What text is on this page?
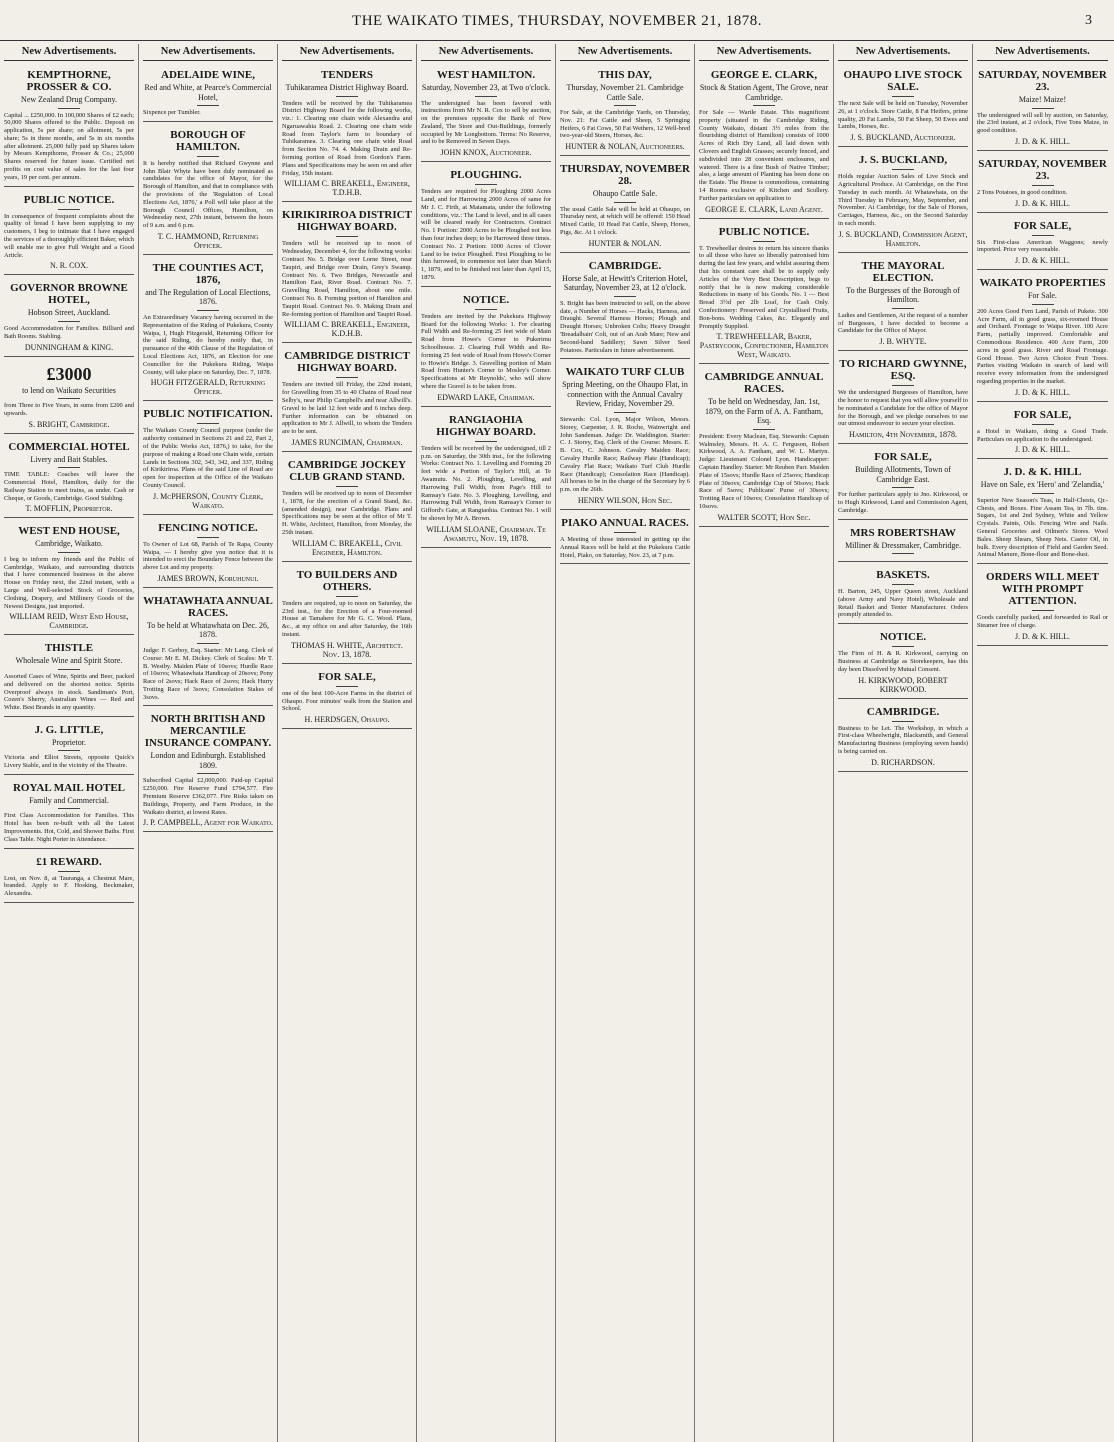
THE WAIKATO TIMES, THURSDAY, NOVEMBER 21, 1878.	3
New Advertisements.
KEMPTHORNE, PROSSER & CO.
New Zealand Drug Company.
Capital ... £250,000. In 100,000 Shares of £2 each; 50,000 Shares offered to the Public. Deposit on application, 5s per share; on allotment, 5s per share; 5s in three months, and 5s in six months after allotment. 25,000 fully paid up Shares taken by Messrs Kempthorne, Prosser & Co.; 25,000 Shares reserved for future issue. Certified net profits on cost value of sales for the last four years, 19 per cent. per annum.
PUBLIC NOTICE.
In consequence of frequent complaints about the quality of bread I have been supplying to my customers, I beg to intimate that I have engaged the services of a thoroughly efficient Baker, which will enable me to give Full Weight and a Good Article.
N. R. COX.
GOVERNOR BROWNE HOTEL,
Hobson Street, Auckland.
Good Accommodation for Families. Billiard and Bath Rooms. Stabling.
DUNNINGHAM & KING.
£3000
to lend on Waikato Securities
from Three to Five Years, in sums from £200 and upwards.
S. BRIGHT, Cambridge.
COMMERCIAL HOTEL
Livery and Bait Stables.
TIME TABLE: Coaches will leave the Commercial Hotel, Hamilton, daily for the Railway Station to meet trains, as under. Cash or Cheque, or Goods, Cambridge. Good Stabling.
T. MOFFLIN, Proprietor.
WEST END HOUSE,
Cambridge, Waikato.
I beg to inform my friends and the Public of Cambridge, Waikato, and surrounding districts that I have commenced business in the above House on Friday next, the 22nd instant, with a Large and Well-selected Stock of Groceries, Clothing, Drapery, and Millinery Goods of the Newest Designs, just imported.
WILLIAM REID, West End House, Cambridge.
THISTLE
Wholesale Wine and Spirit Store.
Assorted Cases of Wine, Spirits and Beer, packed and delivered on the shortest notice. Spirits Overproof always in stock. Sandiman's Port, Cozen's Sherry, Australian Wines — Red and White. Best Brands in any quantity.
J. G. LITTLE,
Proprietor.
Victoria and Elliot Streets, opposite Quick's Livery Stable, and in the vicinity of the Theatre.
ROYAL MAIL HOTEL
Family and Commercial.
First Class Accommodation for Families. This Hotel has been re-built with all the Latest Improvements. Hot, Cold, and Shower Baths. First Class Table. Night Porter in Attendance.
£1 REWARD.
Lost, on Nov. 8, at Tauranga, a Chestnut Mare, branded. Apply to F. Hosking, Beckmaker, Alexandra.
New Advertisements.
ADELAIDE WINE,
Red and White, at Pearce's Commercial Hotel,
Sixpence per Tumbler.
BOROUGH OF HAMILTON.
It is hereby notified that Richard Gwynne and John Blair Whyte have been duly nominated as candidates for the office of Mayor, for the Borough of Hamilton, and that in compliance with the provisions of the 'Regulation of Local Elections Act, 1876,' a Poll will take place at the Borough Council Offices, Hamilton, on Wednesday next, 27th instant, between the hours of 9 a.m. and 6 p.m.
T. C. HAMMOND, Returning Officer.
THE COUNTIES ACT, 1876,
and The Regulation of Local Elections, 1876.
An Extraordinary Vacancy having occurred in the Representation of the Riding of Pukekura, County Waipa, I, Hugh Fitzgerald, Returning Officer for the said Riding, do hereby notify that, in pursuance of the 40th Clause of the Regulation of Local Elections Act, 1876, an Election for one Councillor for the Pukekura Riding, Waipa County, will take place on Saturday, Dec. 7, 1878.
HUGH FITZGERALD, Returning Officer.
PUBLIC NOTIFICATION.
The Waikato County Council purpose (under the authority contained in Sections 21 and 22, Part 2, of the Public Works Act, 1876,) to take, for the purpose of making a Road one Chain wide, certain Lands in Sections 302, 343, 342, and 337, Riding of Kirikiriroa. Plans of the said Line of Road are open for inspection at the Office of the Waikato County Council.
J. McPHERSON, County Clerk, Waikato.
FENCING NOTICE.
To Owner of Lot 68, Parish of Te Rapa, County Waipa, — I hereby give you notice that it is intended to erect the Boundary Fence between the above Lot and my property.
JAMES BROWN, Koruhunui.
WHATAWHATA ANNUAL RACES.
To be held at Whatawhata on Dec. 26, 1878.
Judge: F. Gerboy, Esq. Starter: Mr Lang. Clerk of Course: Mr E. M. Dickey. Clerk of Scales: Mr T. B. Westby. Maiden Plate of 10sovs; Hurdle Race of 10sovs; Whatawhata Handicap of 20sovs; Pony Race of 2sovs; Hack Race of 2sovs; Hack Hurry Trotting Race of 3sovs; Consolation Stakes of 3sovs.
NORTH BRITISH AND MERCANTILE INSURANCE COMPANY.
London and Edinburgh. Established 1809.
Subscribed Capital £2,000,000. Paid-up Capital £250,000. Fire Reserve Fund £794,577. Fire Premium Reserve £362,077. Fire Risks taken on Buildings, Property, and Farm Produce, in the Waikato district, at lowest Rates.
J. P. CAMPBELL, Agent for Waikato.
New Advertisements.
TENDERS
Tuhikaramea District Highway Board.
Tenders will be received by the Tuhikaramea District Highway Board for the following works, viz.: 1. Clearing one chain wide Alexandra and Ngaruawahia Road. 2. Clearing one chain wide Road from Taylor's farm to boundary of Tuhikaramea. 3. Clearing one chain wide Road from Section No. 74. 4. Making Drain and Re-forming portion of Road from Gordon's Farm. Plans and Specifications may be seen on and after Friday, 15th instant.
WILLIAM C. BREAKELL, Engineer, T.D.H.B.
KIRIKIRIROA DISTRICT HIGHWAY BOARD.
Tenders will be received up to noon of Wednesday, December 4, for the following works: Contract No. 5. Bridge over Lorne Street, near Taupiri, and Bridge over Drain, Grey's Swamp. Contract No. 6. Two Bridges, Newcastle and Hamilton East, River Road. Contract No. 7. Gravelling Road, Hamilton, about one mile. Contract No. 8. Forming portion of Hamilton and Taupiri Road. Contract No. 9. Making Drain and Re-forming portion of Hamilton and Taupiri Road.
WILLIAM C. BREAKELL, Engineer, K.D.H.B.
CAMBRIDGE DISTRICT HIGHWAY BOARD.
Tenders are invited till Friday, the 22nd instant, for Gravelling from 35 to 40 Chains of Road near Selby's, near Philip Campbell's and near Allwill's. Gravel to be laid 12 feet wide and 6 inches deep. Further information can be obtained on application to Mr J. Allwill, to whom the Tenders are to be sent.
JAMES RUNCIMAN, Chairman.
CAMBRIDGE JOCKEY CLUB GRAND STAND.
Tenders will be received up to noon of December 1, 1878, for the erection of a Grand Stand, &c. (amended design), near Cambridge. Plans and Specifications may be seen at the office of Mr T. H. White, Architect, Hamilton, from Monday, the 25th instant.
WILLIAM C. BREAKELL, Civil Engineer, Hamilton.
TO BUILDERS AND OTHERS.
Tenders are required, up to noon on Saturday, the 23rd inst., for the Erection of a Four-roomed House at Tamahere for Mr G. C. Wood. Plans, &c., at my office on and after Saturday, the 16th instant.
THOMAS H. WHITE, Architect. Nov. 13, 1878.
FOR SALE,
one of the best 100-Acre Farms in the district of Ohaupo. Four minutes' walk from the Station and School.
H. HERDSGEN, Ohaupo.
New Advertisements.
WEST HAMILTON.
Saturday, November 23, at Two o'clock.
The undersigned has been favored with instructions from Mr N. R. Cox to sell by auction, on the premises opposite the Bank of New Zealand, The Store and Out-Buildings, formerly occupied by Mr Longbottom. Terms: No Reserve, and to be Removed in Seven Days.
JOHN KNOX, Auctioneer.
PLOUGHING.
Tenders are required for Ploughing 2000 Acres Land, and for Harrowing 2000 Acres of same for Mr J. C. Firth, at Matamata, under the following conditions, viz.: The Land is level, and in all cases will be cleared ready for Contractors. Contract No. 1 Portion: 2000 Acres to be Ploughed not less than four inches deep; to be Harrowed three times. Contract No. 2 Portion: 1000 Acres of Clover Land to be twice Ploughed. First Ploughing to be thin furrowed, to commence not later than March 1, 1879, and to be finished not later than April 15, 1879.
NOTICE.
Tenders are invited by the Pukekura Highway Board for the following Works: 1. For clearing Full Width and Re-forming 25 feet wide of Main Road from Howe's Corner to Pukerimu Schoolhouse. 2. Clearing Full Width and Re-forming 25 feet wide of Road from Howe's Corner to Howie's Bridge. 3. Gravelling portion of Main Road from Hunter's Corner to Mosley's Corner. Specifications at Mr Reynolds', who will show where the Gravel is to be taken from.
EDWARD LAKE, Chairman.
RANGIAOHIA HIGHWAY BOARD.
Tenders will be received by the undersigned, till 2 p.m. on Saturday, the 30th inst., for the following Works: Contract No. 1. Levelling and Forming 20 feet wide a Portion of Taylor's Hill, at Te Awamutu. No. 2. Ploughing, Levelling, and Harrowing Full Width, from Page's Hill to Ramsay's Gate. No. 3. Ploughing, Levelling, and Harrowing Full Width, from Ramsay's Corner to Gifford's Gate, at Rangiaohia. Contract No. 1 will be shown by Mr A. Brown.
WILLIAM SLOANE, Chairman. Te Awamutu, Nov. 19, 1878.
New Advertisements.
THIS DAY,
Thursday, November 21. Cambridge Cattle Sale.
For Sale, at the Cambridge Yards, on Thursday, Nov. 21: Fat Cattle and Sheep, 5 Springing Heifers, 6 Fat Cows, 50 Fat Wethers, 12 Well-bred two-year-old Steers, Horses, &c.
HUNTER & NOLAN, Auctioneers.
THURSDAY, NOVEMBER 28.
Ohaupo Cattle Sale.
The usual Cattle Sale will be held at Ohaupo, on Thursday next, at which will be offered: 150 Head Mixed Cattle, 10 Head Fat Cattle, Sheep, Horses, Pigs, &c. At 1 o'clock.
HUNTER & NOLAN.
CAMBRIDGE.
Horse Sale, at Hewitt's Criterion Hotel, Saturday, November 23, at 12 o'clock.
S. Bright has been instructed to sell, on the above date, a Number of Horses — Hacks, Harness, and Draught. Several Harness Horses; Plough and Draught Horses; Unbroken Colts; Heavy Draught 'Breadalbain' Colt, out of an Arab Mare; New and Second-hand Saddlery; Sawn Silver Seed Potatoes. Particulars in future advertisement.
WAIKATO TURF CLUB
Spring Meeting, on the Ohaupo Flat, in connection with the Annual Cavalry Review, Friday, November 29.
Stewards: Col. Lyon, Major Wilson, Messrs. Storey, Carpenter, J. R. Roche, Wainwright and John Sandeman. Judge: Dr. Waddington. Starter: C. J. Storey, Esq. Clerk of the Course: Messrs. E. B. Cox, C. Johnson. Cavalry Maiden Race; Cavalry Hurdle Race; Railway Plate (Handicap); Cavalry Flat Race; Waikato Turf Club Hurdle Race (Handicap); Consolation Race (Handicap). All horses to be in the charge of the Secretary by 6 p.m. on the 26th.
HENRY WILSON, Hon Sec.
PIAKO ANNUAL RACES.
A Meeting of those interested in getting up the Annual Races will be held at the Pukekura Cattle Hotel, Piako, on Saturday, Nov. 23, at 7 p.m.
New Advertisements.
GEORGE E. CLARK,
Stock & Station Agent, The Grove, near Cambridge.
For Sale — Wartle Estate. This magnificent property (situated in the Cambridge Riding, County Waikato, distant 3½ miles from the flourishing district of Hamilton) consists of 1000 Acres of Rich Dry Land, all laid down with Clovers and English Grasses; securely fenced, and subdivided into 28 convenient enclosures, and watered. There is a fine Bush of Native Timber; also, a large amount of Planting has been done on the Estate. The House is commodious, containing 14 Rooms exclusive of Kitchen and Scullery. Further particulars on application to
GEORGE E. CLARK, Land Agent.
PUBLIC NOTICE.
T. Trewheellar desires to return his sincere thanks to all those who have so liberally patronised him during the last few years, and whilst assuring them that his constant care shall be to supply only Articles of the Very Best Description, begs to notify that he is now making considerable Reductions in many of his Goods. No. 1 — Best Bread 3½d per 2lb Loaf, for Cash Only. Confectionery: Preserved and Crystallised Fruits, Bon-bons. Wedding Cakes, &c. Elegantly and Promptly Supplied.
T. TREWHEELLAR, Baker, Pastrycook, Confectioner, Hamilton West, Waikato.
CAMBRIDGE ANNUAL RACES.
To be held on Wednesday, Jan. 1st, 1879, on the Farm of A. A. Fantham, Esq.
President: Every Maclean, Esq. Stewards: Captain Walmsley, Messrs. H. A. C. Ferguson, Robert Kirkwood, A. A. Fantham, and W. L. Martyn. Judge: Lieutenant Colonel Lyon. Handicapper: Captain Handley. Starter: Mr Reuben Parr. Maiden Plate of 15sovs; Hurdle Race of 25sovs; Handicap Plate of 30sovs; Cambridge Cup of 50sovs; Hack Race of 5sovs; Publicans' Purse of 30sovs; Trotting Race of 10sovs; Consolation Handicap of 10sovs.
WALTER SCOTT, Hon Sec.
New Advertisements.
OHAUPO LIVE STOCK SALE.
The next Sale will be held on Tuesday, November 26, at 1 o'clock. Store Cattle, 8 Fat Heifers, prime quality, 20 Fat Lambs, 50 Fat Sheep, 50 Ewes and Lambs, Horses, &c.
J. S. BUCKLAND, Auctioneer.
J. S. BUCKLAND,
Holds regular Auction Sales of Live Stock and Agricultural Produce. At Cambridge, on the First Tuesday in each month. At Whatawhata, on the Third Tuesday in February, May, September, and November. At Cambridge, for the Sale of Horses, Carriages, Harness, &c., on the Second Saturday in each month.
J. S. BUCKLAND, Commission Agent, Hamilton.
THE MAYORAL ELECTION.
To the Burgesses of the Borough of Hamilton.
Ladies and Gentlemen, At the request of a number of Burgesses, I have decided to become a Candidate for the Office of Mayor.
J. B. WHYTE.
TO RICHARD GWYNNE, ESQ.
We the undersigned Burgesses of Hamilton, have the honor to request that you will allow yourself to be nominated a Candidate for the office of Mayor for the Borough, and we pledge ourselves to use our utmost endeavour to secure your election.
Hamilton, 4th November, 1878.
FOR SALE,
Building Allotments, Town of Cambridge East.
For further particulars apply to Jno. Kirkwood, or to Hugh Kirkwood, Land and Commission Agent, Cambridge.
MRS ROBERTSHAW
Milliner & Dressmaker, Cambridge.
BASKETS.
H. Barton, 245, Upper Queen street, Auckland (above Army and Navy Hotel), Wholesale and Retail Basket and Tenter Manufacturer. Orders promptly attended to.
NOTICE.
The Firm of H. & R. Kirkwood, carrying on Business at Cambridge as Storekeepers, has this day been Dissolved by Mutual Consent.
H. KIRKWOOD, ROBERT KIRKWOOD.
CAMBRIDGE.
Business to be Let. The Workshop, in which a First-class Wheelwright, Blacksmith, and General Manufacturing Business (employing seven hands) is being carried on.
D. RICHARDSON.
New Advertisements.
SATURDAY, NOVEMBER 23.
Maize! Maize!
The undersigned will sell by auction, on Saturday, the 23rd instant, at 2 o'clock, Five Tons Maize, in good condition.
J. D. & K. HILL.
SATURDAY, NOVEMBER 23.
2 Tons Potatoes, in good condition.
J. D. & K. HILL.
FOR SALE,
Six First-class American Waggons; newly imported. Price very reasonable.
J. D. & K. HILL.
WAIKATO PROPERTIES
For Sale.
200 Acres Good Fern Land, Parish of Pukete. 300 Acre Farm, all in good grass, six-roomed House and Orchard. Frontage to Waipa River. 100 Acre Farm, partially improved. Comfortable and Commodious Residence. 400 Acre Farm, 200 acres in good grass. River and Road Frontage. Good House. Two Acres Choice Fruit Trees. Parties visiting Waikato in search of land will receive every information from the undersigned regarding properties in the market.
J. D. & K. HILL.
FOR SALE,
a Hotel in Waikato, doing a Good Trade. Particulars on application to the undersigned.
J. D. & K. HILL.
J. D. & K. HILL
Have on Sale, ex 'Hero' and 'Zelandia,'
Superior New Season's Teas, in Half-Chests, Qr.-Chests, and Boxes. Fine Assam Tea, in 7lb. tins. Sugars, 1st and 2nd Sydney, White and Yellow Crystals. Paints, Oils. Fencing Wire and Nails. General Groceries and Oilmen's Stores. Wool Bales. Sheep Shears, Sheep Nets. Castor Oil, in bulk. Every description of Field and Garden Seed. Animal Manure, Bone-flour and Bone-dust.
ORDERS WILL MEET WITH PROMPT ATTENTION.
Goods carefully packed, and forwarded to Rail or Steamer free of charge.
J. D. & K. HILL.
